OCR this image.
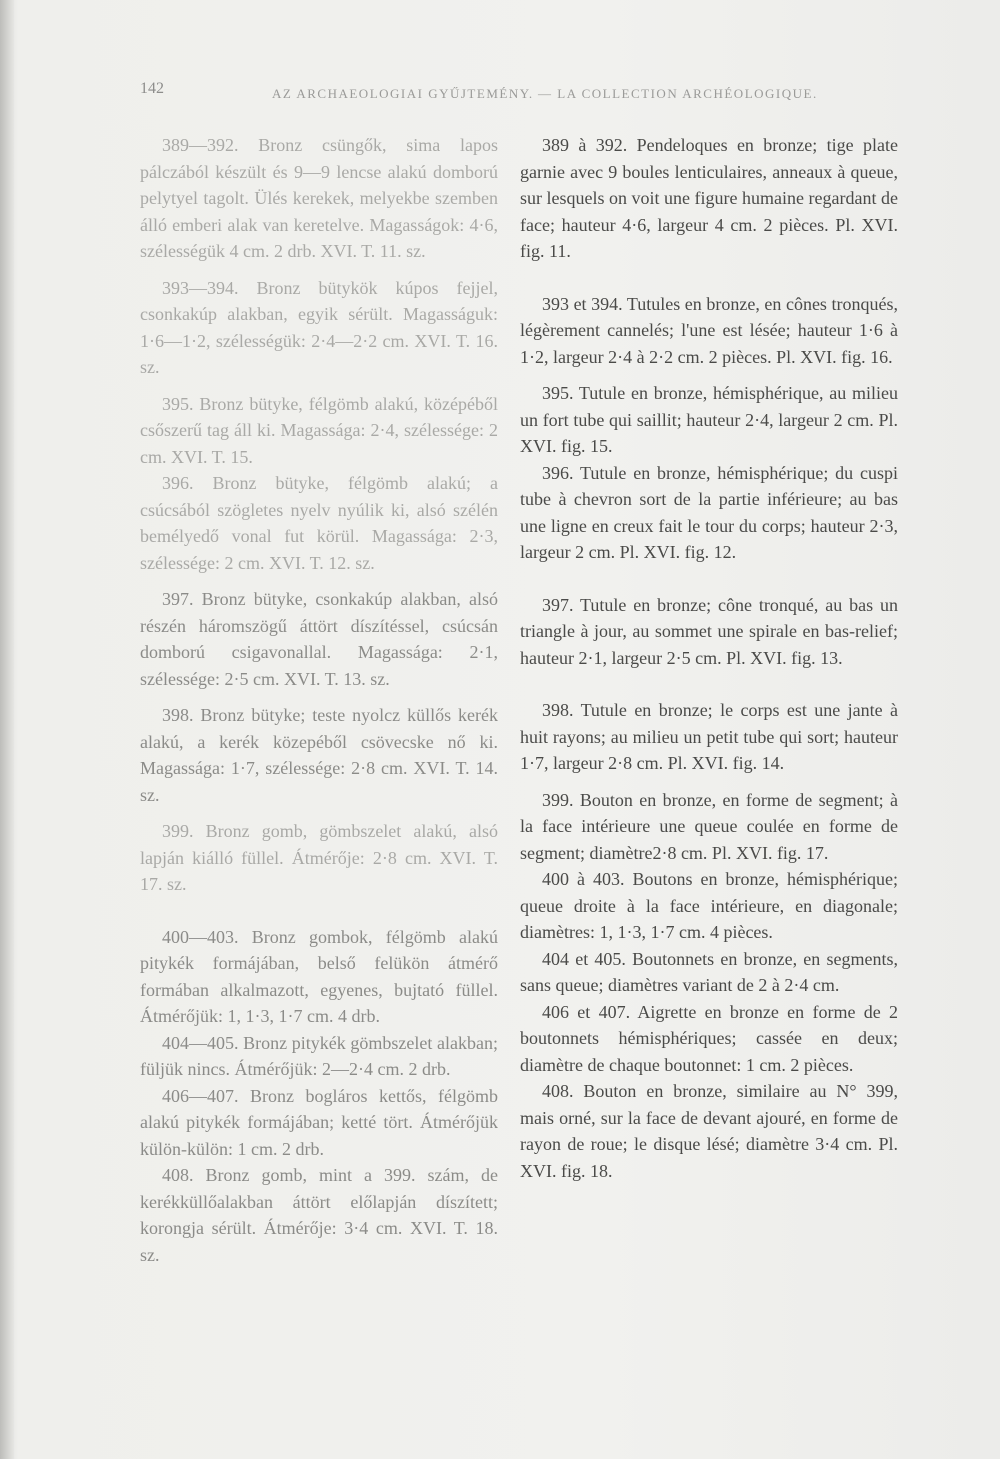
142	AZ ARCHAEOLOGIAI GYŰJTEMÉNY. — LA COLLECTION ARCHÉOLOGIQUE.

389—392. Bronz csüngők, sima lapos pálczából készült és 9—9 lencse alakú domború pelytyel tagolt. Ülés kerekek, melyekbe szemben álló emberi alak van keretelve. Magasságok: 4·6, szélességük 4 cm. 2 drb. XVI. T. 11. sz.

393—394. Bronz bütykök kúpos fejjel, csonkakúp alakban, egyik sérült. Magasságuk: 1·6—1·2, szélességük: 2·4—2·2 cm. XVI. T. 16. sz.

395. Bronz bütyke, félgömb alakú, középéből csőszerű tag áll ki. Magassága: 2·4, szélessége: 2 cm. XVI. T. 15.

396. Bronz bütyke, félgömb alakú; a csúcsából szögletes nyelv nyúlik ki, alsó szélén bemélyedő vonal fut körül. Magassága: 2·3, szélessége: 2 cm. XVI. T. 12. sz.

397. Bronz bütyke, csonkakúp alakban, alsó részén háromszögű áttört díszítéssel, csúcsán domború csigavonallal. Magassága: 2·1, szélessége: 2·5 cm. XVI. T. 13. sz.

398. Bronz bütyke; teste nyolcz küllős kerék alakú, a kerék közepéből csövecske nő ki. Magassága: 1·7, szélessége: 2·8 cm. XVI. T. 14. sz.

399. Bronz gomb, gömbszelet alakú, alsó lapján kiálló füllel. Átmérője: 2·8 cm. XVI. T. 17. sz.

400—403. Bronz gombok, félgömb alakú pitykék formájában, belső felükön átmérő formában alkalmazott, egyenes, bujtató füllel. Átmérőjük: 1, 1·3, 1·7 cm. 4 drb.

404—405. Bronz pitykék gömbszelet alakban; füljük nincs. Átmérőjük: 2—2·4 cm. 2 drb.

406—407. Bronz bogláros kettős, félgömb alakú pitykék formájában; ketté tört. Átmérőjük külön-külön: 1 cm. 2 drb.

408. Bronz gomb, mint a 399. szám, de kerékküllőalakban áttört előlapján díszített; korongja sérült. Átmérője: 3·4 cm. XVI. T. 18. sz.

389 à 392. Pendeloques en bronze; tige plate garnie avec 9 boules lenticulaires, anneaux à queue, sur lesquels on voit une figure humaine regardant de face; hauteur 4·6, largeur 4 cm. 2 pièces. Pl. XVI. fig. 11.

393 et 394. Tutules en bronze, en cônes tronqués, légèrement cannelés; l'une est lésée; hauteur 1·6 à 1·2, largeur 2·4 à 2·2 cm. 2 pièces. Pl. XVI. fig. 16.

395. Tutule en bronze, hémisphérique, au milieu un fort tube qui saillit; hauteur 2·4, largeur 2 cm. Pl. XVI. fig. 15.

396. Tutule en bronze, hémisphérique; du cuspi tube à chevron sort de la partie inférieure; au bas une ligne en creux fait le tour du corps; hauteur 2·3, largeur 2 cm. Pl. XVI. fig. 12.

397. Tutule en bronze; cône tronqué, au bas un triangle à jour, au sommet une spirale en bas-relief; hauteur 2·1, largeur 2·5 cm. Pl. XVI. fig. 13.

398. Tutule en bronze; le corps est une jante à huit rayons; au milieu un petit tube qui sort; hauteur 1·7, largeur 2·8 cm. Pl. XVI. fig. 14.

399. Bouton en bronze, en forme de segment; à la face intérieure une queue coulée en forme de segment; diamètre2·8 cm. Pl. XVI. fig. 17.

400 à 403. Boutons en bronze, hémisphérique; queue droite à la face intérieure, en diagonale; diamètres: 1, 1·3, 1·7 cm. 4 pièces.

404 et 405. Boutonnets en bronze, en segments, sans queue; diamètres variant de 2 à 2·4 cm.

406 et 407. Aigrette en bronze en forme de 2 boutonnets hémisphériques; cassée en deux; diamètre de chaque boutonnet: 1 cm. 2 pièces.

408. Bouton en bronze, similaire au N° 399, mais orné, sur la face de devant ajouré, en forme de rayon de roue; le disque lésé; diamètre 3·4 cm. Pl. XVI. fig. 18.
